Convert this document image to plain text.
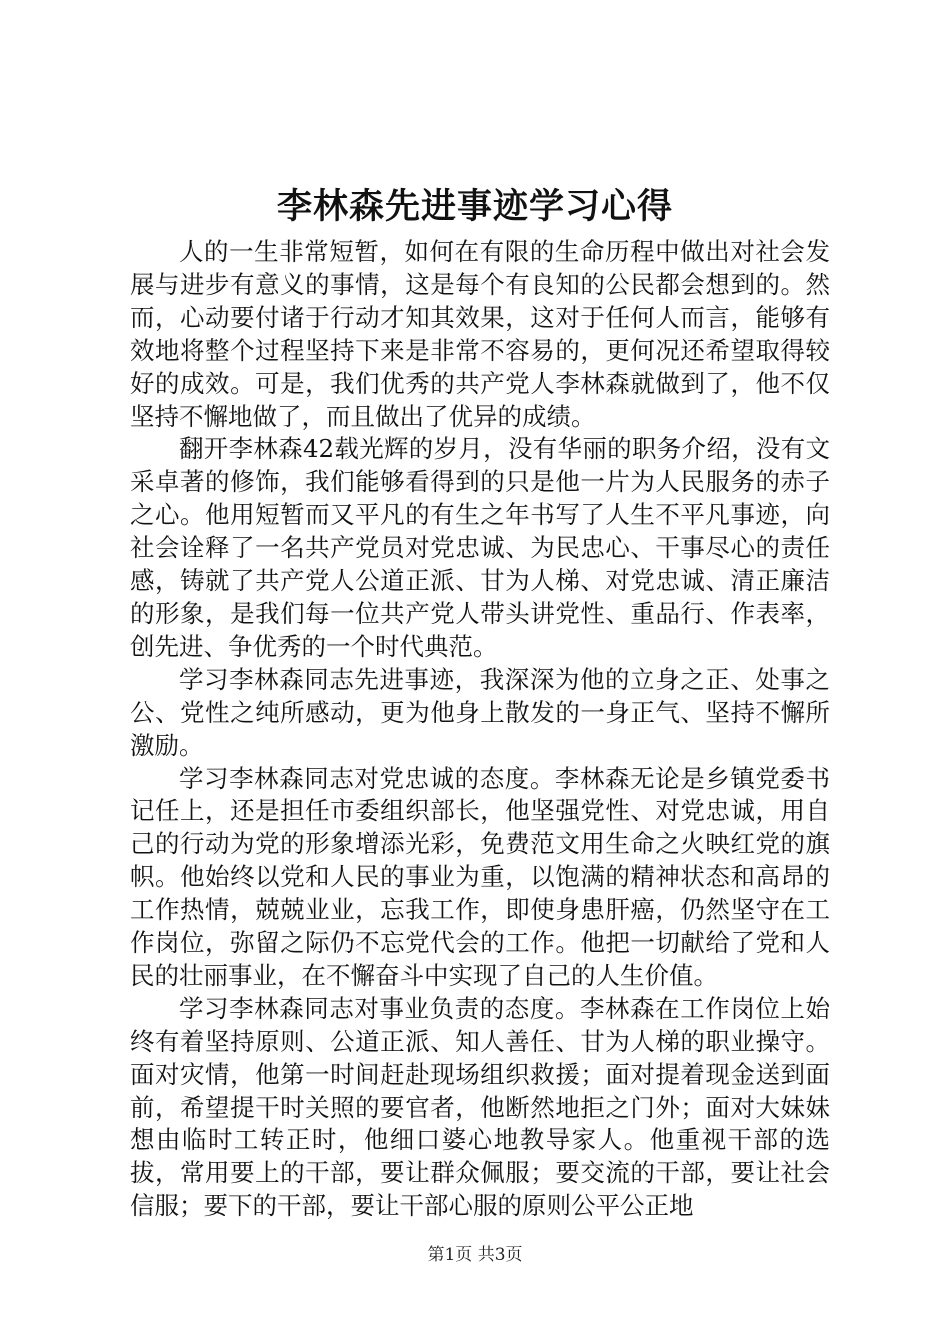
李林森先进事迹学习心得

人的一生非常短暂，如何在有限的生命历程中做出对社会发展与进步有意义的事情，这是每个有良知的公民都会想到的。然而，心动要付诸于行动才知其效果，这对于任何人而言，能够有效地将整个过程坚持下来是非常不容易的，更何况还希望取得较好的成效。可是，我们优秀的共产党人李林森就做到了，他不仅坚持不懈地做了，而且做出了优异的成绩。

翻开李林森42载光辉的岁月，没有华丽的职务介绍，没有文采卓著的修饰，我们能够看得到的只是他一片为人民服务的赤子之心。他用短暂而又平凡的有生之年书写了人生不平凡事迹，向社会诠释了一名共产党员对党忠诚、为民忠心、干事尽心的责任感，铸就了共产党人公道正派、甘为人梯、对党忠诚、清正廉洁的形象，是我们每一位共产党人带头讲党性、重品行、作表率，创先进、争优秀的一个时代典范。

学习李林森同志先进事迹，我深深为他的立身之正、处事之公、党性之纯所感动，更为他身上散发的一身正气、坚持不懈所激励。

学习李林森同志对党忠诚的态度。李林森无论是乡镇党委书记任上，还是担任市委组织部长，他坚强党性、对党忠诚，用自己的行动为党的形象增添光彩，免费范文用生命之火映红党的旗帜。他始终以党和人民的事业为重，以饱满的精神状态和高昂的工作热情，兢兢业业，忘我工作，即使身患肝癌，仍然坚守在工作岗位，弥留之际仍不忘党代会的工作。他把一切献给了党和人民的壮丽事业，在不懈奋斗中实现了自己的人生价值。

学习李林森同志对事业负责的态度。李林森在工作岗位上始终有着坚持原则、公道正派、知人善任、甘为人梯的职业操守。面对灾情，他第一时间赶赴现场组织救援；面对提着现金送到面前，希望提干时关照的要官者，他断然地拒之门外；面对大妹妹想由临时工转正时，他细口婆心地教导家人。他重视干部的选拔，常用要上的干部，要让群众佩服；要交流的干部，要让社会信服；要下的干部，要让干部心服的原则公平公正地

第1页 共3页
